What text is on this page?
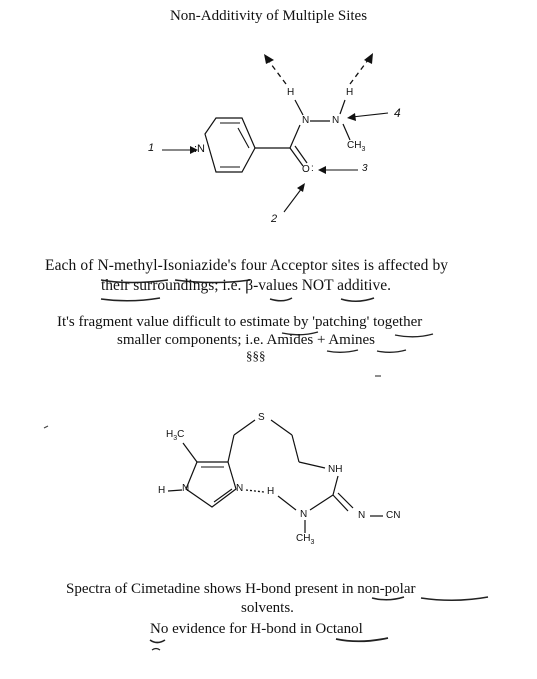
Non-Additivity of Multiple Sites
:N
H	H
N N
$CH_3$
O :
1
2
3
4
Each of N-methyl-Isoniazide's four Acceptor sites is affected by
their surroundings; i.e. β-values NOT additive.
It's fragment value difficult to estimate by 'patching' together
smaller components; i.e. Amides + Amines
§§§
S
$H_3C$
NH
H N	N H
N
$CH_3$
N CN
Spectra of Cimetadine shows H-bond present in non-polar
solvents.
No evidence for H-bond in Octanol
